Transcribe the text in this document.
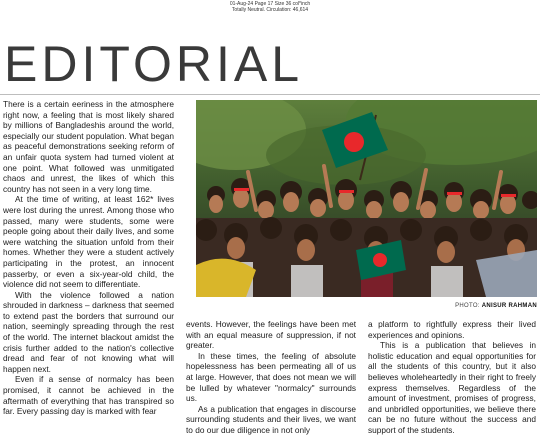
01-Aug-24 Page 17 Size 36 col*inch
Totally Neutral. Circulation: 46,614
EDITORIAL

There is a certain eeriness in the atmosphere right now, a feeling that is most likely shared by millions of Bangladeshis around the world, especially our student population. What began as peaceful demonstrations seeking reform of an unfair quota system had turned violent at one point. What followed was unmitigated chaos and unrest, the likes of which this country has not seen in a very long time.

At the time of writing, at least 162* lives were lost during the unrest. Among those who passed, many were students, some were people going about their daily lives, and some were watching the situation unfold from their homes. Whether they were a student actively participating in the protest, an innocent passerby, or even a six-year-old child, the violence did not seem to differentiate.

With the violence followed a nation shrouded in darkness – darkness that seemed to extend past the borders that surround our nation, seemingly spreading through the rest of the world. The internet blackout amidst the crisis further added to the nation's collective dread and fear of not knowing what will happen next.

Even if a sense of normalcy has been promised, it cannot be achieved in the aftermath of everything that has transpired so far. Every passing day is marked with fear

PHOTO: ANISUR RAHMAN

events. However, the feelings have been met with an equal measure of suppression, if not greater.

In these times, the feeling of absolute hopelessness has been permeating all of us at large. However, that does not mean we will be lulled by whatever "normalcy" surrounds us.

As a publication that engages in discourse surrounding students and their lives, we want to do our due diligence in not only

a platform to rightfully express their lived experiences and opinions.

This is a publication that believes in holistic education and equal opportunities for all the students of this country, but it also believes wholeheartedly in their right to freely express themselves. Regardless of the amount of investment, promises of progress, and unbridled opportunities, we believe there can be no future without the success and support of the students.
